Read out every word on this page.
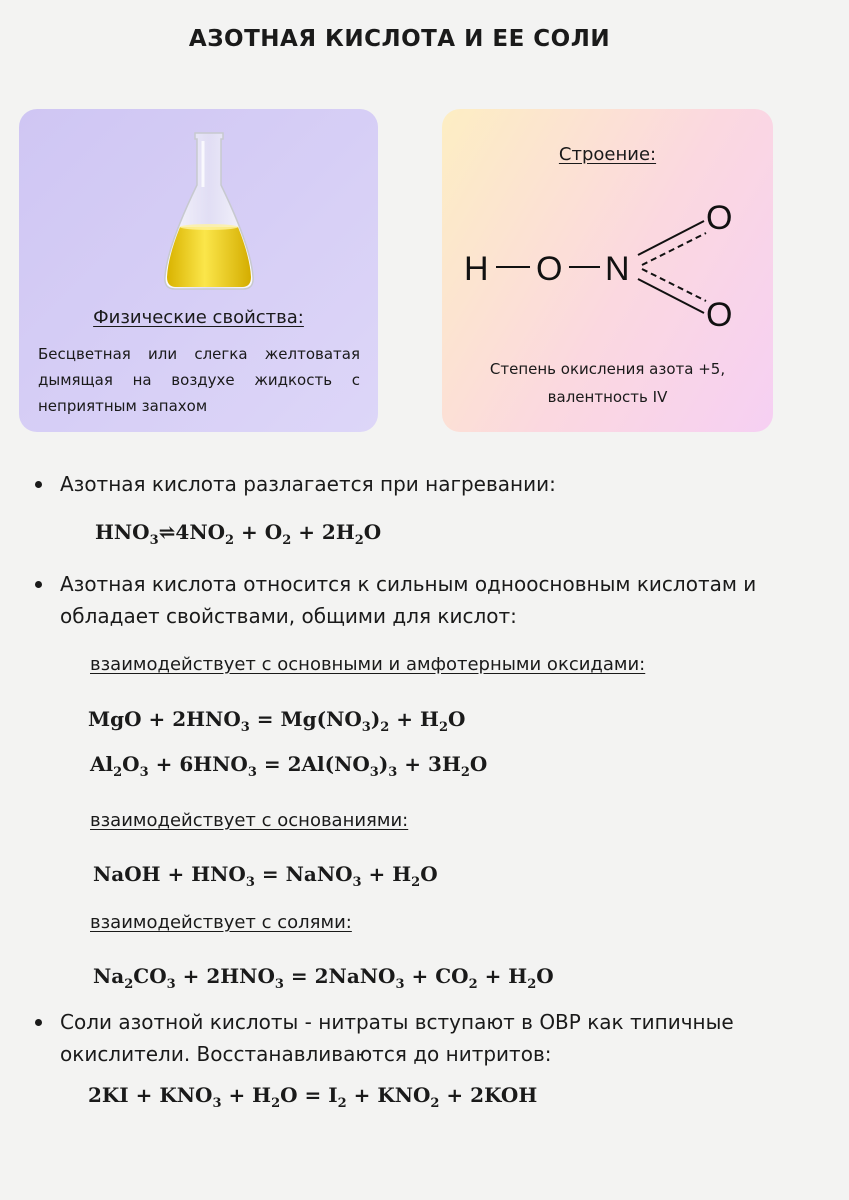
АЗОТНАЯ КИСЛОТА И ЕЕ СОЛИ
Физические свойства:
Бесцветная или слегка желтоватая дымящая на воздухе жидкость с неприятным запахом
Строение:
H O N
O
O
Степень окисления азота +5,
валентность IV
Азотная кислота разлагается при нагревании:
$HNO_3\rightleftharpoons 4NO_2 + O_2 + 2H_2O$
Азотная кислота относится к сильным одноосновным кислотам и обладает свойствами, общими для кислот:
взаимодействует с основными и амфотерными оксидами:
MgO + $2HNO_3 = Mg(NO_3)_2 + H_2O$
$Al_2O_3 + 6HNO_3 = 2Al(NO_3)_3 + 3H_2O$
взаимодействует с основаниями:
NaOH + $HNO_3$ = NaNO$_3$ + $H_2O$
взаимодействует с солями:
$Na_2CO_3 + 2HNO_3$ = 2NaNO$_3$ + $CO_2 + H_2O$
Соли азотной кислоты - нитраты вступают в ОВР как типичные окислители. Восстанавливаются до нитритов:
$2KI + KNO_3 + H_2O = I_2 + KNO_2 + 2KOH$
